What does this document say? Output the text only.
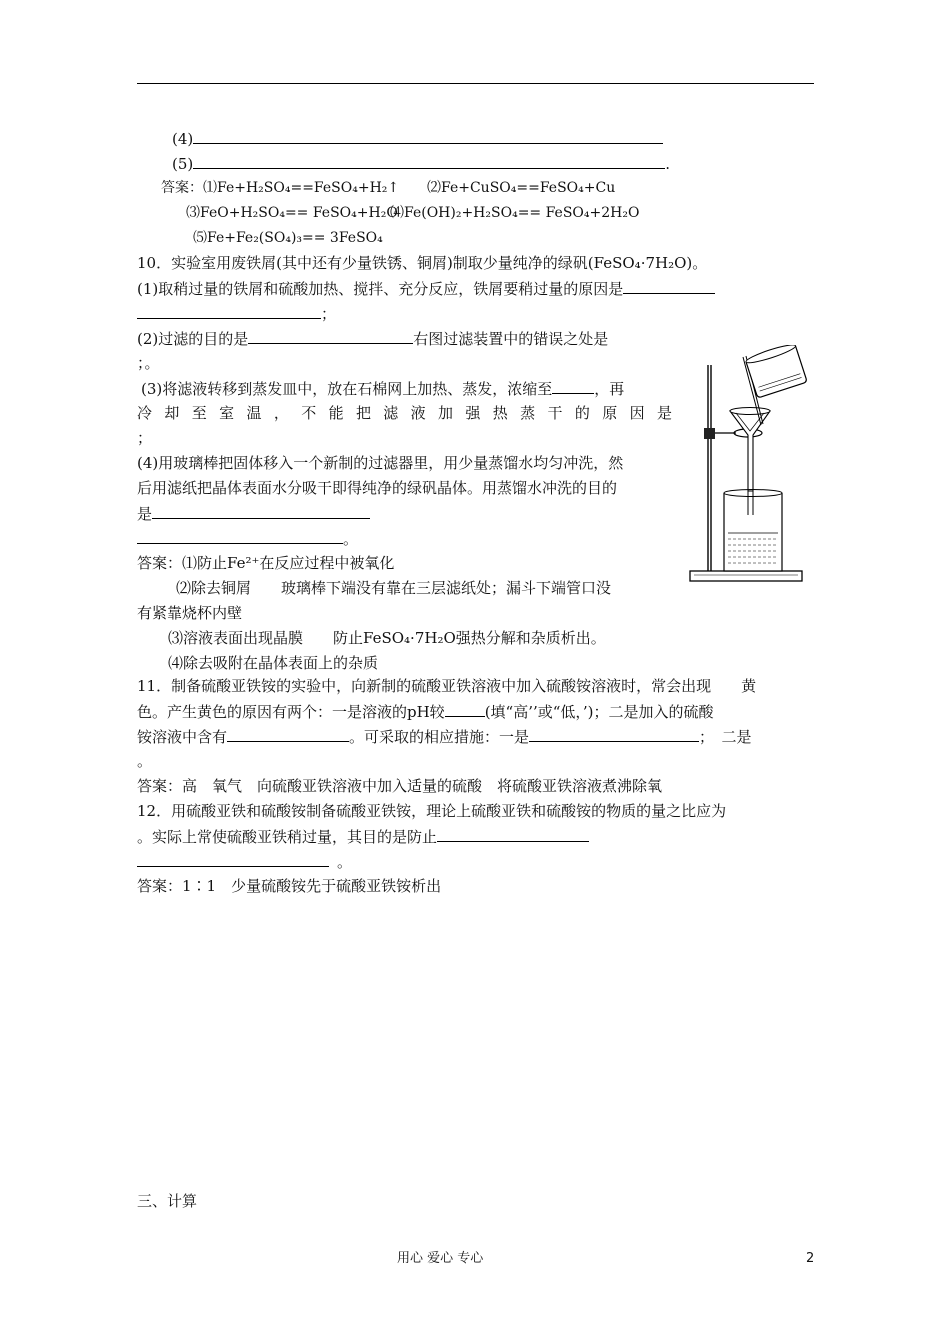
(4)
(5)	.
答案：⑴Fe+H₂SO₄==FeSO₄+H₂↑ ⑵Fe+CuSO₄==FeSO₄+Cu
⑶FeO+H₂SO₄== FeSO₄+H₂O
⑷Fe(OH)₂+H₂SO₄== FeSO₄+2H₂O
⑸Fe+Fe₂(SO₄)₃== 3FeSO₄
10．实验室用废铁屑(其中还有少量铁锈、铜屑)制取少量纯净的绿矾(FeSO₄·7H₂O)。
(1)取稍过量的铁屑和硫酸加热、搅拌、充分反应，铁屑要稍过量的原因是
；
(2)过滤的目的是	右图过滤装置中的错误之处是
；。
(3)将滤液转移到蒸发皿中，放在石棉网上加热、蒸发，浓缩至	，再
冷却至室温，不能把滤液加强热蒸干的原因是
；
(4)用玻璃棒把固体移入一个新制的过滤器里，用少量蒸馏水均匀冲洗，然
后用滤纸把晶体表面水分吸干即得纯净的绿矾晶体。用蒸馏水冲洗的目的
是
。
答案：⑴防止Fe²⁺在反应过程中被氧化
⑵除去铜屑　　玻璃棒下端没有靠在三层滤纸处；漏斗下端管口没
有紧靠烧杯内壁
⑶溶液表面出现晶膜　　防止FeSO₄·7H₂O强热分解和杂质析出。
⑷除去吸附在晶体表面上的杂质
11．制备硫酸亚铁铵的实验中，向新制的硫酸亚铁溶液中加入硫酸铵溶液时，常会出现　　黄
色。产生黄色的原因有两个：一是溶液的pH较	(填“高’’或“低，’)；二是加入的硫酸
铵溶液中含有	。可采取的相应措施：一是	；　二是
。
答案：高　氧气　向硫酸亚铁溶液中加入适量的硫酸　将硫酸亚铁溶液煮沸除氧
12．用硫酸亚铁和硫酸铵制备硫酸亚铁铵，理论上硫酸亚铁和硫酸铵的物质的量之比应为
。实际上常使硫酸亚铁稍过量，其目的是防止
。
答案：1∶1　少量硫酸铵先于硫酸亚铁铵析出
三、计算
用心 爱心 专心	2
